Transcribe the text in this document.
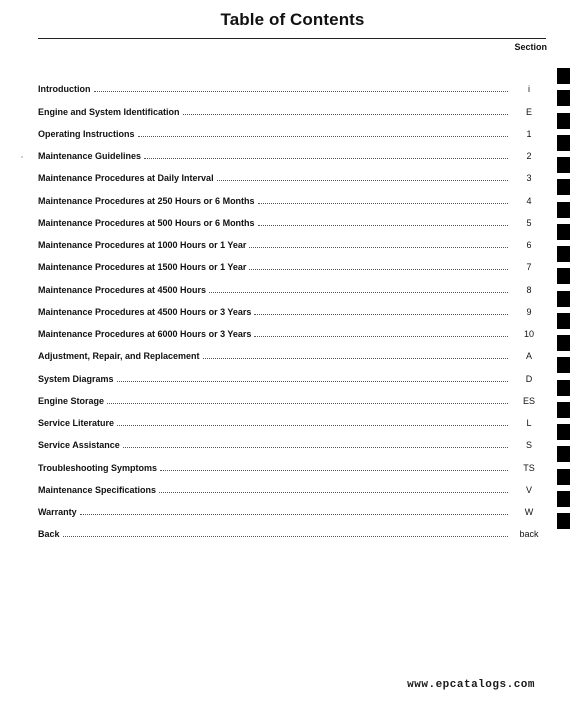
Table of Contents
Section
Introduction	i
Engine and System Identification	E
Operating Instructions	1
Maintenance Guidelines	2
Maintenance Procedures at Daily Interval	3
Maintenance Procedures at 250 Hours or 6 Months	4
Maintenance Procedures at 500 Hours or 6 Months	5
Maintenance Procedures at 1000 Hours or 1 Year	6
Maintenance Procedures at 1500 Hours or 1 Year	7
Maintenance Procedures at 4500 Hours	8
Maintenance Procedures at 4500 Hours or 3 Years	9
Maintenance Procedures at 6000 Hours or 3 Years	10
Adjustment, Repair, and Replacement	A
System Diagrams	D
Engine Storage	ES
Service Literature	L
Service Assistance	S
Troubleshooting Symptoms	TS
Maintenance Specifications	V
Warranty	W
Back	back
www.epcatalogs.com
